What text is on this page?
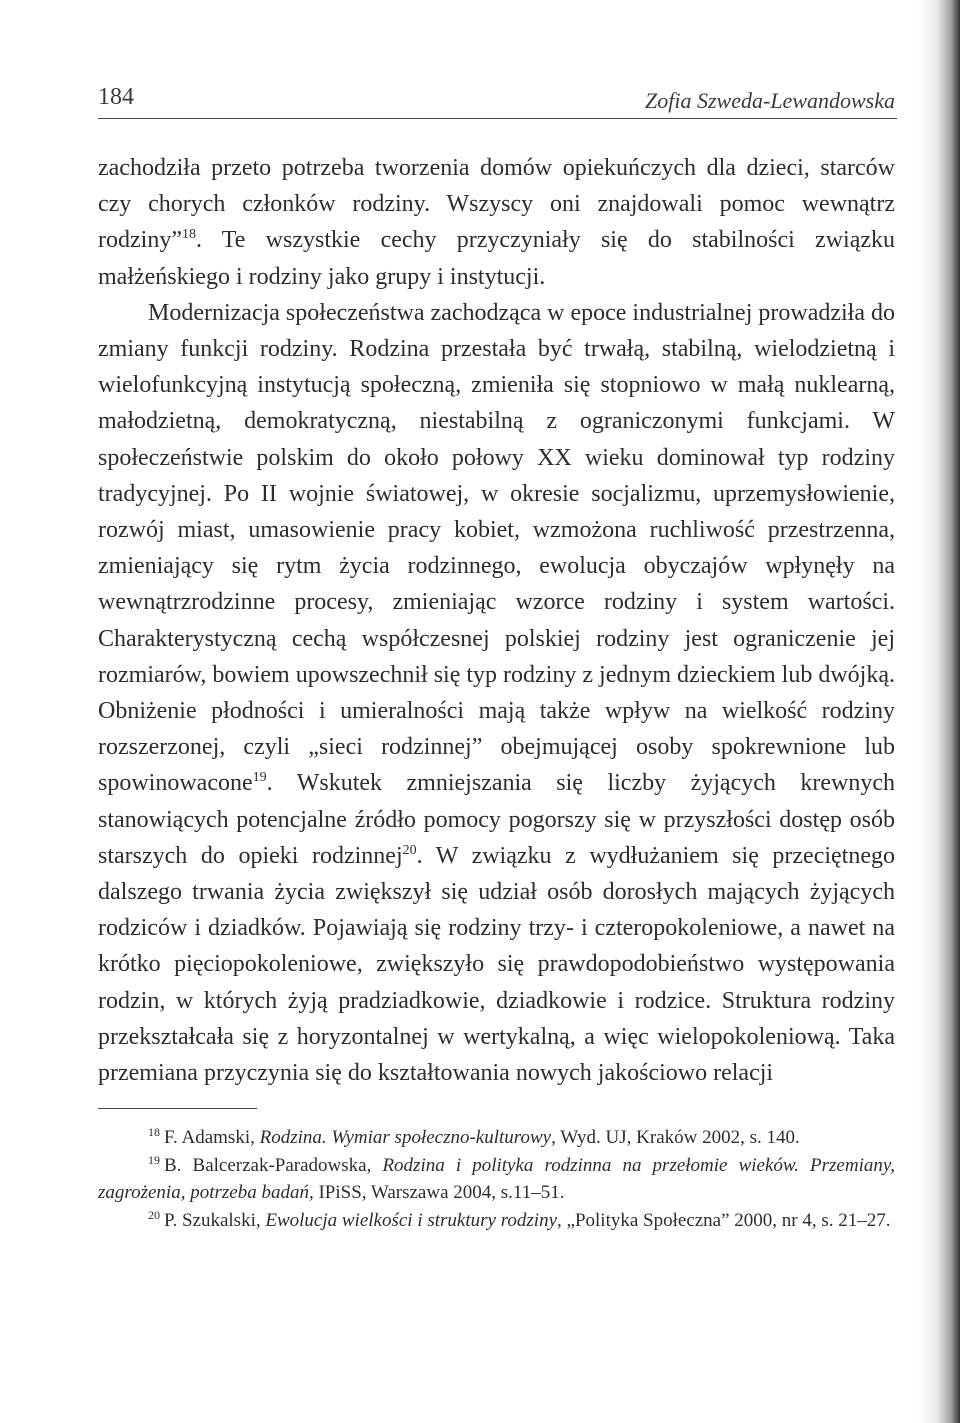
184	Zofia Szweda-Lewandowska

zachodziła przeto potrzeba tworzenia domów opiekuńczych dla dzieci, starców czy chorych członków rodziny. Wszyscy oni znajdowali pomoc wewnątrz rodziny”$^{18}$. Te wszystkie cechy przyczyniały się do stabilności związku małżeńskiego i rodziny jako grupy i instytucji.

Modernizacja społeczeństwa zachodząca w epoce industrialnej prowadziła do zmiany funkcji rodziny. Rodzina przestała być trwałą, stabilną, wielodzietną i wielofunkcyjną instytucją społeczną, zmieniła się stopniowo w małą nuklearną, małodzietną, demokratyczną, niestabilną z ograniczonymi funkcjami. W społeczeństwie polskim do około połowy XX wieku dominował typ rodziny tradycyjnej. Po II wojnie światowej, w okresie socjalizmu, uprzemysłowienie, rozwój miast, umasowienie pracy kobiet, wzmożona ruchliwość przestrzenna, zmieniający się rytm życia rodzinnego, ewolucja obyczajów wpłynęły na wewnątrzrodzinne procesy, zmieniając wzorce rodziny i system wartości. Charakterystyczną cechą współczesnej polskiej rodziny jest ograniczenie jej rozmiarów, bowiem upowszechnił się typ rodziny z jednym dzieckiem lub dwójką. Obniżenie płodności i umieralności mają także wpływ na wielkość rodziny rozszerzonej, czyli „sieci rodzinnej” obejmującej osoby spokrewnione lub spowinowacone$^{19}$. Wskutek zmniejszania się liczby żyjących krewnych stanowiących potencjalne źródło pomocy pogorszy się w przyszłości dostęp osób starszych do opieki rodzinnej$^{20}$. W związku z wydłużaniem się przeciętnego dalszego trwania życia zwiększył się udział osób dorosłych mających żyjących rodziców i dziadków. Pojawiają się rodziny trzy- i czteropokoleniowe, a nawet na krótko pięciopokoleniowe, zwiększyło się prawdopodobieństwo występowania rodzin, w których żyją pradziadkowie, dziadkowie i rodzice. Struktura rodziny przekształcała się z horyzontalnej w wertykalną, a więc wielopokoleniową. Taka przemiana przyczynia się do kształtowania nowych jakościowo relacji

$^{18}$ F. Adamski, Rodzina. Wymiar społeczno-kulturowy, Wyd. UJ, Kraków 2002, s. 140.

$^{19}$ B. Balcerzak-Paradowska, Rodzina i polityka rodzinna na przełomie wieków. Przemiany, zagrożenia, potrzeba badań, IPiSS, Warszawa 2004, s.11–51.

$^{20}$ P. Szukalski, Ewolucja wielkości i struktury rodziny, „Polityka Społeczna” 2000, nr 4, s. 21–27.
